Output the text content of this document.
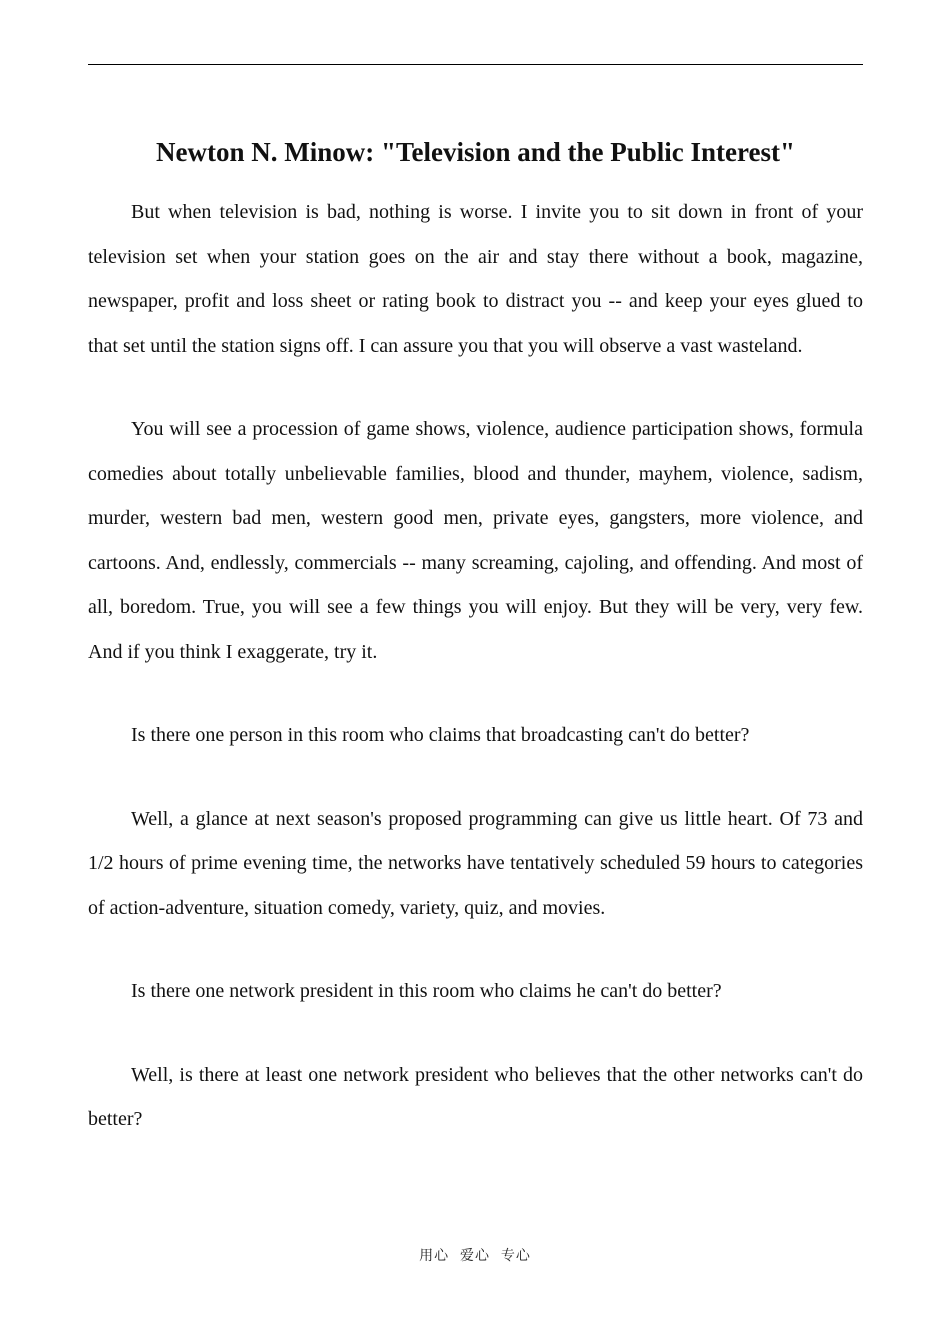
Newton N. Minow: "Television and the Public Interest"

But when television is bad, nothing is worse. I invite you to sit down in front of your television set when your station goes on the air and stay there without a book, magazine, newspaper, profit and loss sheet or rating book to distract you -- and keep your eyes glued to that set until the station signs off. I can assure you that you will observe a vast wasteland.

You will see a procession of game shows, violence, audience participation shows, formula comedies about totally unbelievable families, blood and thunder, mayhem, violence, sadism, murder, western bad men, western good men, private eyes, gangsters, more violence, and cartoons. And, endlessly, commercials -- many screaming, cajoling, and offending. And most of all, boredom. True, you will see a few things you will enjoy. But they will be very, very few. And if you think I exaggerate, try it.

Is there one person in this room who claims that broadcasting can't do better?

Well, a glance at next season's proposed programming can give us little heart. Of 73 and 1/2 hours of prime evening time, the networks have tentatively scheduled 59 hours to categories of action-adventure, situation comedy, variety, quiz, and movies.

Is there one network president in this room who claims he can't do better?

Well, is there at least one network president who believes that the other networks can't do better?

用心  爱心  专心
